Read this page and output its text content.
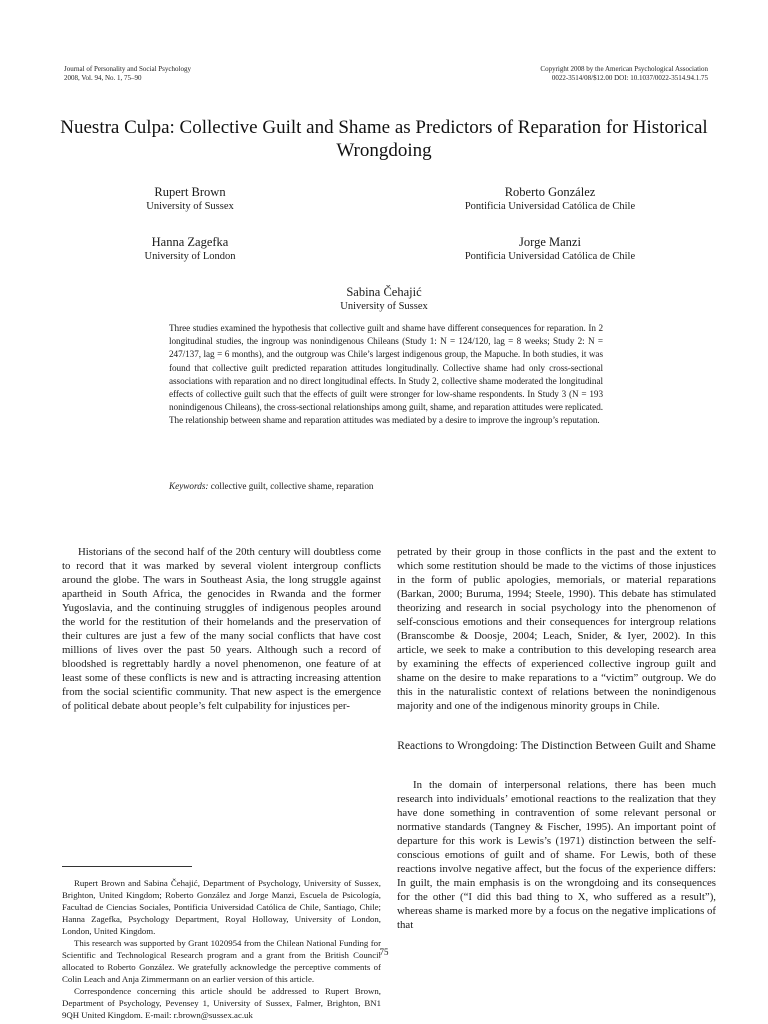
Journal of Personality and Social Psychology
2008, Vol. 94, No. 1, 75–90
Copyright 2008 by the American Psychological Association
0022-3514/08/$12.00 DOI: 10.1037/0022-3514.94.1.75
Nuestra Culpa: Collective Guilt and Shame as Predictors of Reparation for Historical Wrongdoing
Rupert Brown
University of Sussex
Roberto González
Pontificia Universidad Católica de Chile
Hanna Zagefka
University of London
Jorge Manzi
Pontificia Universidad Católica de Chile
Sabina Čehajić
University of Sussex
Three studies examined the hypothesis that collective guilt and shame have different consequences for reparation. In 2 longitudinal studies, the ingroup was nonindigenous Chileans (Study 1: N = 124/120, lag = 8 weeks; Study 2: N = 247/137, lag = 6 months), and the outgroup was Chile’s largest indigenous group, the Mapuche. In both studies, it was found that collective guilt predicted reparation attitudes longitudinally. Collective shame had only cross-sectional associations with reparation and no direct longitudinal effects. In Study 2, collective shame moderated the longitudinal effects of collective guilt such that the effects of guilt were stronger for low-shame respondents. In Study 3 (N = 193 nonindigenous Chileans), the cross-sectional relationships among guilt, shame, and reparation attitudes were replicated. The relationship between shame and reparation attitudes was mediated by a desire to improve the ingroup’s reputation.
Keywords: collective guilt, collective shame, reparation

Historians of the second half of the 20th century will doubtless come to record that it was marked by several violent intergroup conflicts around the globe. The wars in Southeast Asia, the long struggle against apartheid in South Africa, the genocides in Rwanda and the former Yugoslavia, and the continuing struggles of indigenous peoples around the world for the restitution of their homelands and the preservation of their cultures are just a few of the many social conflicts that have cost millions of lives over the past 50 years. Although such a record of bloodshed is regrettably hardly a novel phenomenon, one feature of at least some of these conflicts is new and is attracting increasing attention from the social scientific community. That new aspect is the emergence of political debate about people’s felt culpability for injustices per-

petrated by their group in those conflicts in the past and the extent to which some restitution should be made to the victims of those injustices in the form of public apologies, memorials, or material reparations (Barkan, 2000; Buruma, 1994; Steele, 1990). This debate has stimulated theorizing and research in social psychology into the phenomenon of self-conscious emotions and their consequences for intergroup relations (Branscombe & Doosje, 2004; Leach, Snider, & Iyer, 2002). In this article, we seek to make a contribution to this developing research area by examining the effects of experienced collective ingroup guilt and shame on the desire to make reparations to a “victim” outgroup. We do this in the naturalistic context of relations between the nonindigenous majority and one of the indigenous minority groups in Chile.

Reactions to Wrongdoing: The Distinction Between Guilt and Shame

In the domain of interpersonal relations, there has been much research into individuals’ emotional reactions to the realization that they have done something in contravention of some relevant personal or normative standards (Tangney & Fischer, 1995). An important point of departure for this work is Lewis’s (1971) distinction between the self-conscious emotions of guilt and of shame. For Lewis, both of these reactions involve negative affect, but the focus of the experience differs: In guilt, the main emphasis is on the wrongdoing and its consequences for the other (“I did this bad thing to X, who suffered as a result”), whereas shame is marked more by a focus on the negative implications of that

Rupert Brown and Sabina Čehajić, Department of Psychology, University of Sussex, Brighton, United Kingdom; Roberto González and Jorge Manzi, Escuela de Psicología, Facultad de Ciencias Sociales, Pontificia Universidad Católica de Chile, Santiago, Chile; Hanna Zagefka, Psychology Department, Royal Holloway, University of London, London, United Kingdom.

This research was supported by Grant 1020954 from the Chilean National Funding for Scientific and Technological Research program and a grant from the British Council allocated to Roberto González. We gratefully acknowledge the perceptive comments of Colin Leach and Anja Zimmermann on an earlier version of this article.

Correspondence concerning this article should be addressed to Rupert Brown, Department of Psychology, Pevensey 1, University of Sussex, Falmer, Brighton, BN1 9QH United Kingdom. E-mail: r.brown@sussex.ac.uk

75
